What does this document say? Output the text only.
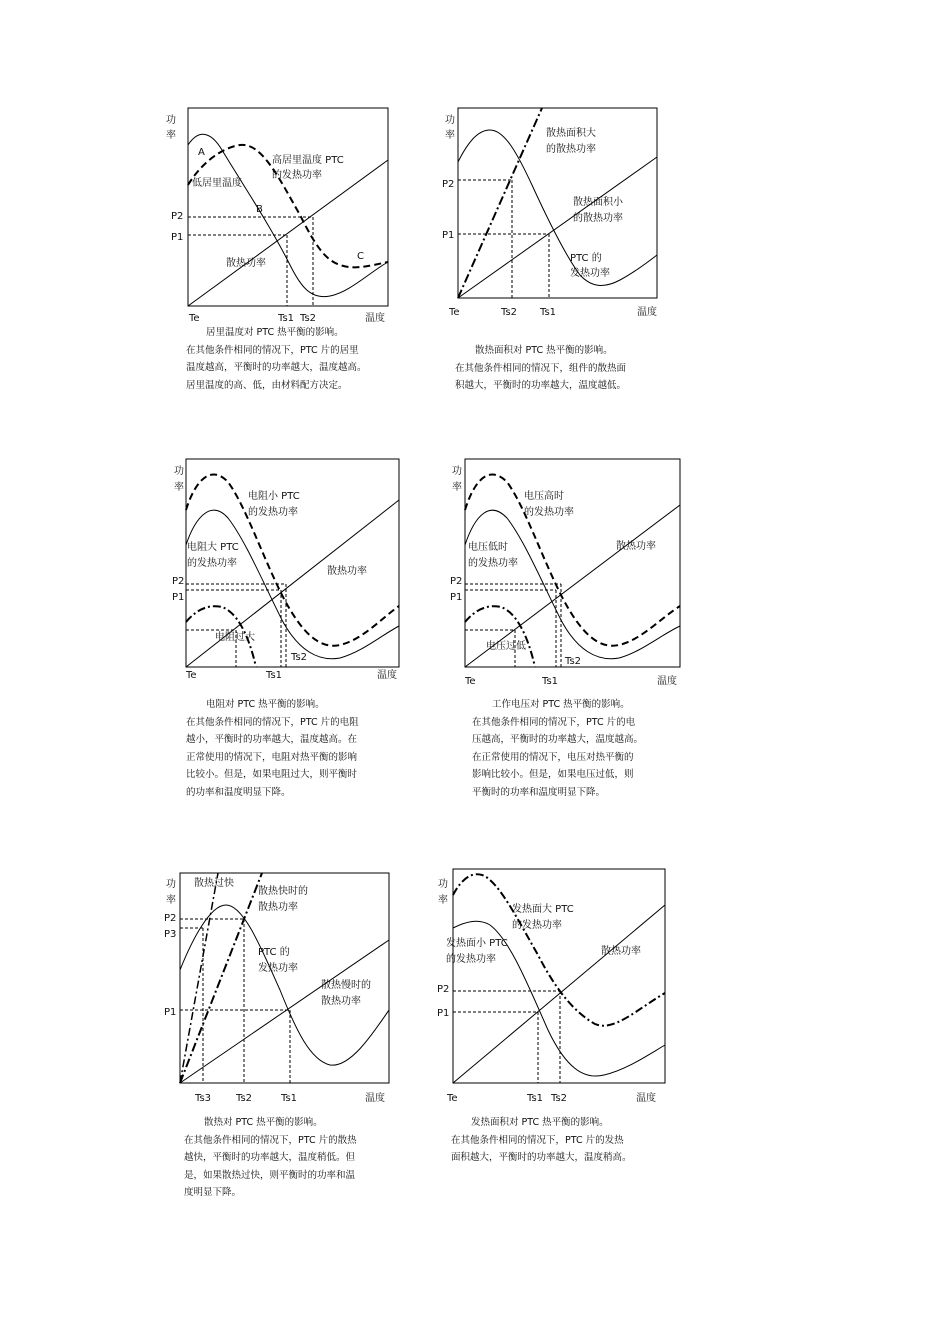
功
率
P2
P1
Te	Ts1 Ts2	温度
高居里温度 PTC
的发热功率
低居里温度
散热功率
A
B
C
居里温度对 PTC 热平衡的影响。
在其他条件相同的情况下，PTC 片的居里
温度越高，平衡时的功率越大，温度越高。
居里温度的高、低，由材料配方决定。
功
率
P2
P1
Te	Ts2 Ts1	温度
散热面积大
的散热功率
散热面积小
的散热功率
PTC 的
发热功率
散热面积对 PTC 热平衡的影响。
在其他条件相同的情况下，组件的散热面
积越大，平衡时的功率越大，温度越低。
功
率
P2
P1
Te	Ts1
Ts2
温度
电阻小 PTC
的发热功率
电阻大 PTC
的发热功率
散热功率
电阻过大
电阻对 PTC 热平衡的影响。
在其他条件相同的情况下，PTC 片的电阻
越小，平衡时的功率越大，温度越高。在
正常使用的情况下，电阻对热平衡的影响
比较小。但是，如果电阻过大，则平衡时
的功率和温度明显下降。
功
率
P2
P1
Te	Ts1
Ts2
温度
电压高时
的发热功率
电压低时
的发热功率
散热功率
电压过低
工作电压对 PTC 热平衡的影响。
在其他条件相同的情况下，PTC 片的电
压越高，平衡时的功率越大，温度越高。
在正常使用的情况下，电压对热平衡的
影响比较小。但是，如果电压过低，则
平衡时的功率和温度明显下降。
功
率
P2
P3
P1
Ts3 Ts2	Ts1	温度
散热过快
散热快时的
散热功率
PTC 的
发热功率
散热慢时的
散热功率
散热对 PTC 热平衡的影响。
在其他条件相同的情况下，PTC 片的散热
越快，平衡时的功率越大，温度稍低。但
是，如果散热过快，则平衡时的功率和温
度明显下降。
功
率
P2
P1
Te	Ts1 Ts2	温度
发热面大 PTC
的发热功率
发热面小 PTC
的发热功率
散热功率
发热面积对 PTC 热平衡的影响。
在其他条件相同的情况下，PTC 片的发热
面积越大，平衡时的功率越大，温度稍高。
